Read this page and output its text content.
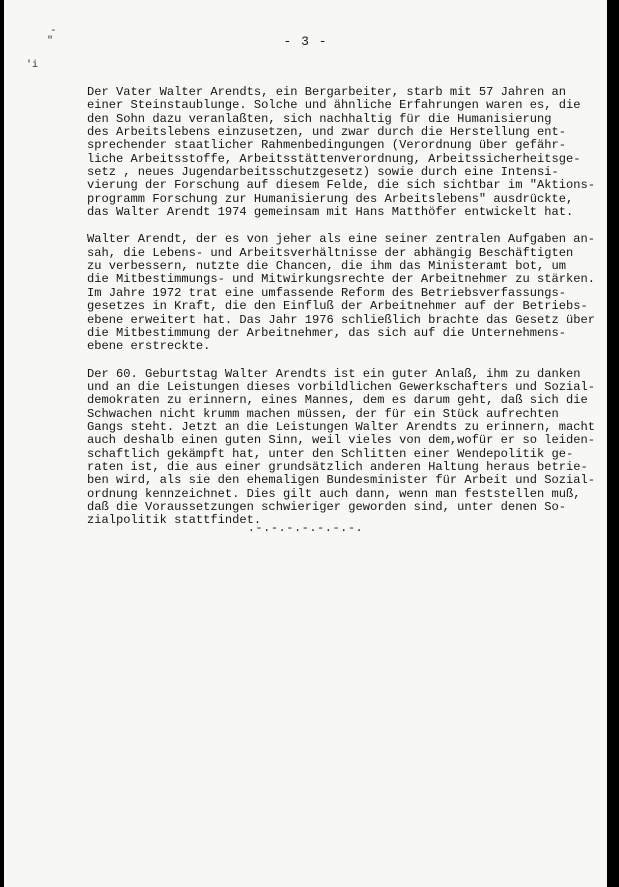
-
"
'i
- 3 -

Der Vater Walter Arendts, ein Bergarbeiter, starb mit 57 Jahren an
einer Steinstaublunge. Solche und ähnliche Erfahrungen waren es, die
den Sohn dazu veranlaßten, sich nachhaltig für die Humanisierung
des Arbeitslebens einzusetzen, und zwar durch die Herstellung ent-
sprechender staatlicher Rahmenbedingungen (Verordnung über gefähr-
liche Arbeitsstoffe, Arbeitsstättenverordnung, Arbeitssicherheitsge-
setz , neues Jugendarbeitsschutzgesetz) sowie durch eine Intensi-
vierung der Forschung auf diesem Felde, die sich sichtbar im "Aktions-
programm Forschung zur Humanisierung des Arbeitslebens" ausdrückte,
das Walter Arendt 1974 gemeinsam mit Hans Matthöfer entwickelt hat.

Walter Arendt, der es von jeher als eine seiner zentralen Aufgaben an-
sah, die Lebens- und Arbeitsverhältnisse der abhängig Beschäftigten
zu verbessern, nutzte die Chancen, die ihm das Ministeramt bot, um
die Mitbestimmungs- und Mitwirkungsrechte der Arbeitnehmer zu stärken.
Im Jahre 1972 trat eine umfassende Reform des Betriebsverfassungs-
gesetzes in Kraft, die den Einfluß der Arbeitnehmer auf der Betriebs-
ebene erweitert hat. Das Jahr 1976 schließlich brachte das Gesetz über
die Mitbestimmung der Arbeitnehmer, das sich auf die Unternehmens-
ebene erstreckte.

Der 60. Geburtstag Walter Arendts ist ein guter Anlaß, ihm zu danken
und an die Leistungen dieses vorbildlichen Gewerkschafters und Sozial-
demokraten zu erinnern, eines Mannes, dem es darum geht, daß sich die
Schwachen nicht krumm machen müssen, der für ein Stück aufrechten
Gangs steht. Jetzt an die Leistungen Walter Arendts zu erinnern, macht
auch deshalb einen guten Sinn, weil vieles von dem,wofür er so leiden-
schaftlich gekämpft hat, unter den Schlitten einer Wendepolitik ge-
raten ist, die aus einer grundsätzlich anderen Haltung heraus betrie-
ben wird, als sie den ehemaligen Bundesminister für Arbeit und Sozial-
ordnung kennzeichnet. Dies gilt auch dann, wenn man feststellen muß,
daß die Voraussetzungen schwieriger geworden sind, unter denen So-
zialpolitik stattfindet.

.-.-.-.-.-.-.-.
